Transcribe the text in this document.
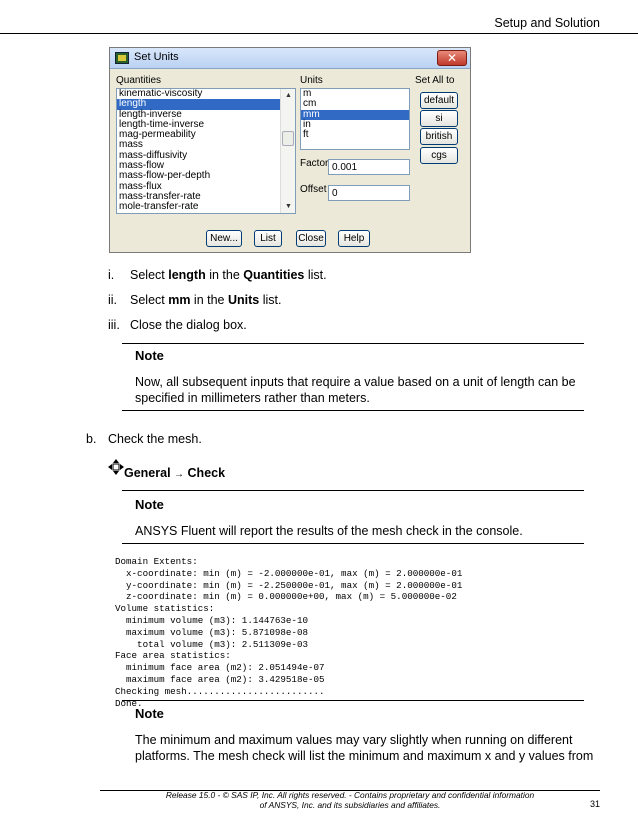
Setup and Solution
Set Units	✕
Quantities	Units	Set All to
kinematic-viscosity
length
length-inverse
length-time-inverse
mag-permeability
mass
mass-diffusivity
mass-flow
mass-flow-per-depth
mass-flux
mass-transfer-rate
mole-transfer-rate
▲
▼
m
cm
mm
in
ft
Factor 0.001
Offset 0
default
si
british
cgs
New...	List	Close	Help
i. Select length in the Quantities list.
ii. Select mm in the Units list.
iii. Close the dialog box.
Note
Now, all subsequent inputs that require a value based on a unit of length can be
specified in millimeters rather than meters.
b. Check the mesh.
General → Check
Note
ANSYS Fluent will report the results of the mesh check in the console.
Domain Extents:
x-coordinate: min (m) = -2.000000e-01, max (m) = 2.000000e-01
y-coordinate: min (m) = -2.250000e-01, max (m) = 2.000000e-01
z-coordinate: min (m) = 0.000000e+00, max (m) = 5.000000e-02
Volume statistics:
minimum volume (m3): 1.144763e-10
maximum volume (m3): 5.871098e-08
total volume (m3): 2.511309e-03
Face area statistics:
minimum face area (m2): 2.051494e-07
maximum face area (m2): 3.429518e-05
Checking mesh.........................
Done.
Note
The minimum and maximum values may vary slightly when running on different
platforms. The mesh check will list the minimum and maximum x and y values from
Release 15.0 - © SAS IP, Inc. All rights reserved. - Contains proprietary and confidential information
of ANSYS, Inc. and its subsidiaries and affiliates.	31
